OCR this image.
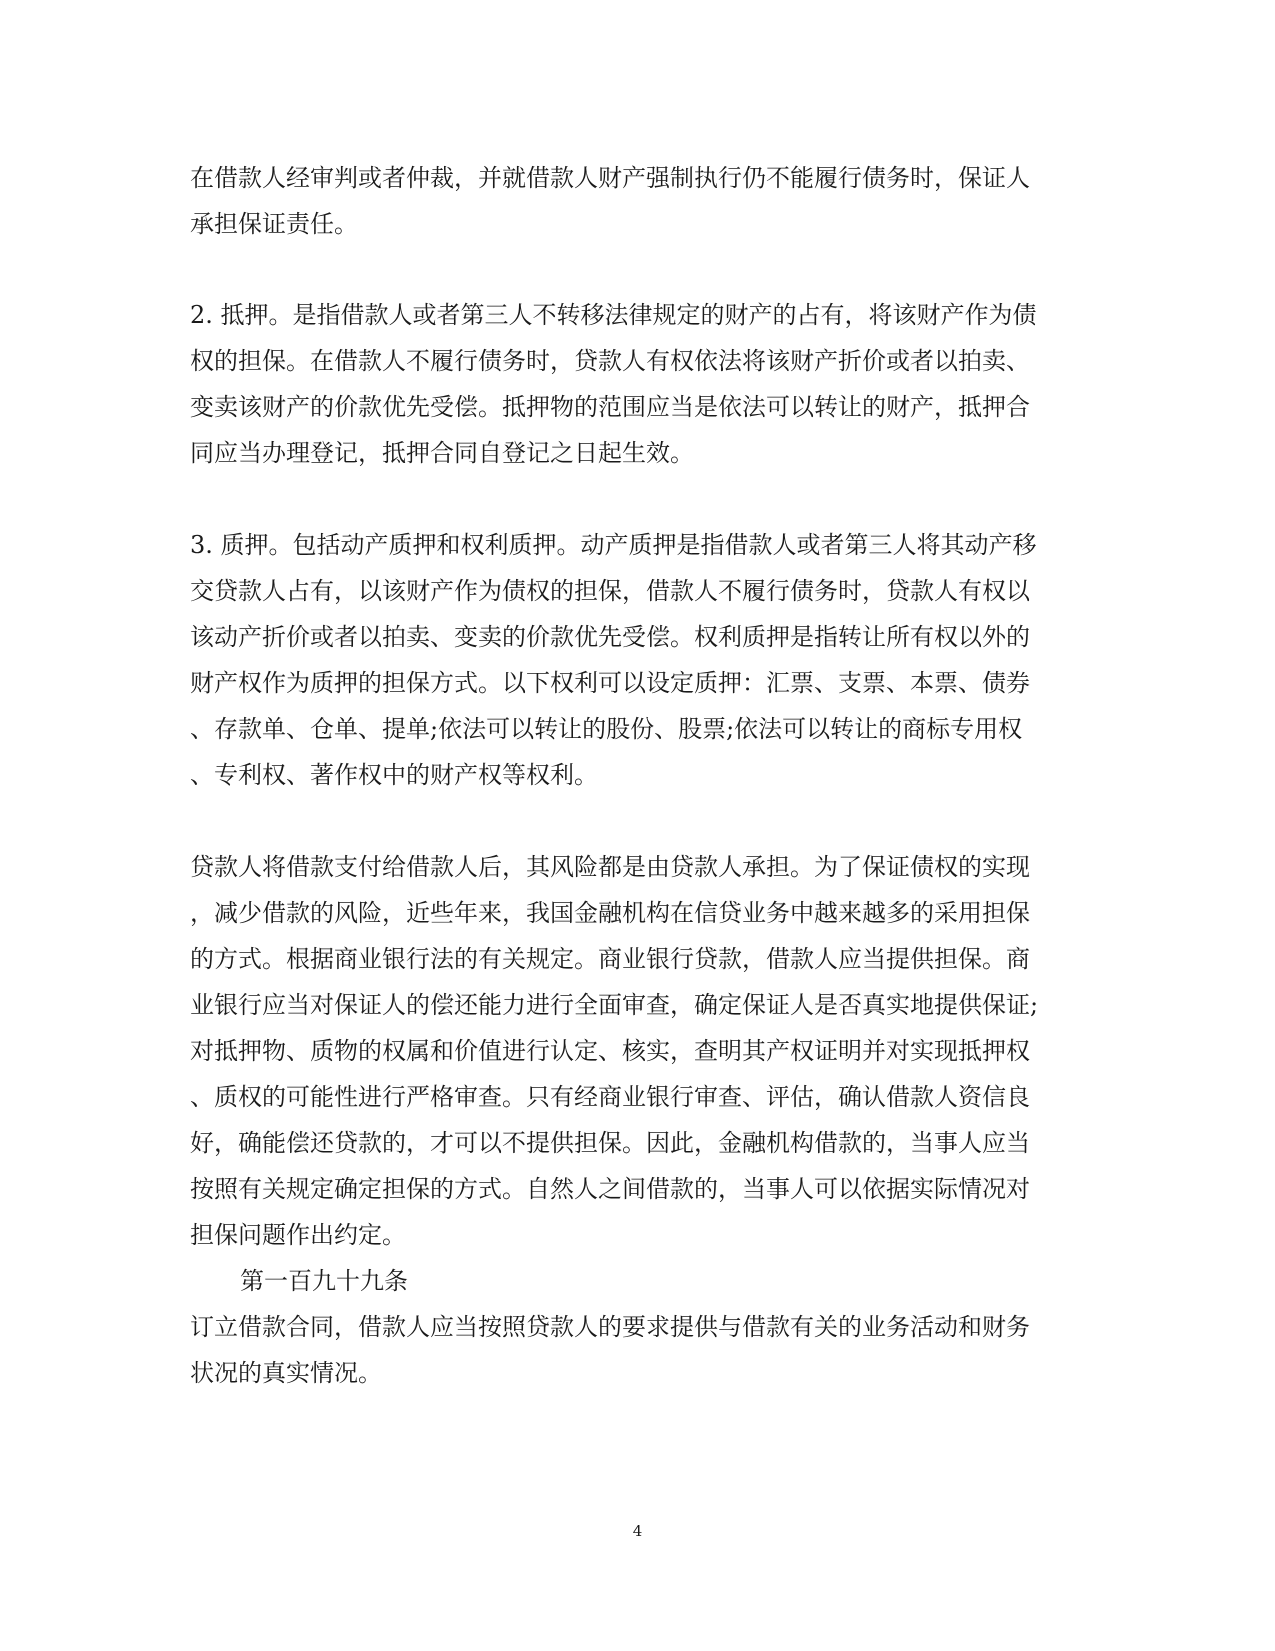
在借款人经审判或者仲裁，并就借款人财产强制执行仍不能履行债务时，保证人
承担保证责任。
2. 抵押。是指借款人或者第三人不转移法律规定的财产的占有，将该财产作为债
权的担保。在借款人不履行债务时，贷款人有权依法将该财产折价或者以拍卖、
变卖该财产的价款优先受偿。抵押物的范围应当是依法可以转让的财产，抵押合
同应当办理登记，抵押合同自登记之日起生效。
3. 质押。包括动产质押和权利质押。动产质押是指借款人或者第三人将其动产移
交贷款人占有，以该财产作为债权的担保，借款人不履行债务时，贷款人有权以
该动产折价或者以拍卖、变卖的价款优先受偿。权利质押是指转让所有权以外的
财产权作为质押的担保方式。以下权利可以设定质押：汇票、支票、本票、债券
、存款单、仓单、提单;依法可以转让的股份、股票;依法可以转让的商标专用权
、专利权、著作权中的财产权等权利。
贷款人将借款支付给借款人后，其风险都是由贷款人承担。为了保证债权的实现
，减少借款的风险，近些年来，我国金融机构在信贷业务中越来越多的采用担保
的方式。根据商业银行法的有关规定。商业银行贷款，借款人应当提供担保。商
业银行应当对保证人的偿还能力进行全面审查，确定保证人是否真实地提供保证;
对抵押物、质物的权属和价值进行认定、核实，查明其产权证明并对实现抵押权
、质权的可能性进行严格审查。只有经商业银行审查、评估，确认借款人资信良
好，确能偿还贷款的，才可以不提供担保。因此，金融机构借款的，当事人应当
按照有关规定确定担保的方式。自然人之间借款的，当事人可以依据实际情况对
担保问题作出约定。
第一百九十九条
订立借款合同，借款人应当按照贷款人的要求提供与借款有关的业务活动和财务
状况的真实情况。
4
